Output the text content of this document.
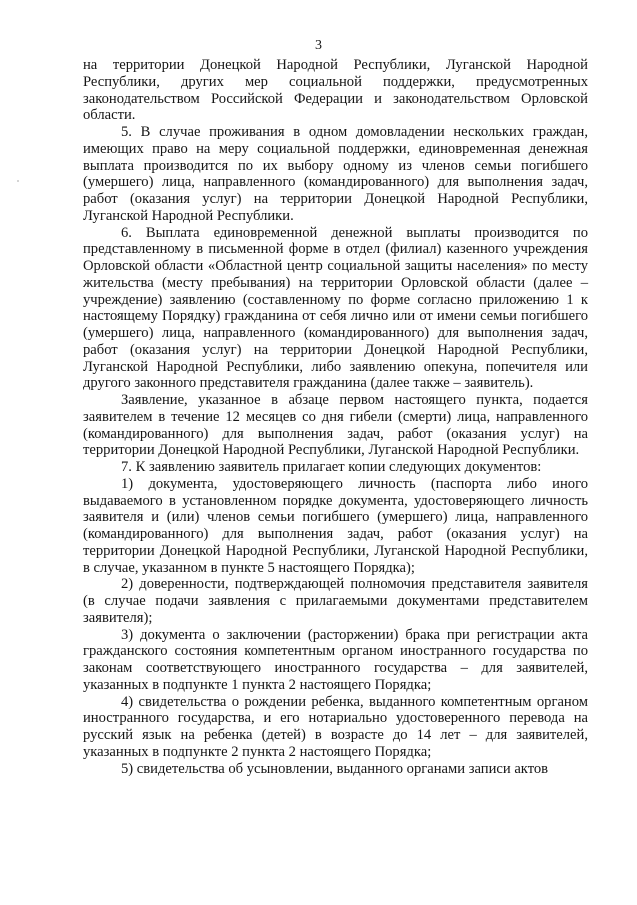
3

на территории Донецкой Народной Республики, Луганской Народной Республики, других мер социальной поддержки, предусмотренных законодательством Российской Федерации и законодательством Орловской области.

5. В случае проживания в одном домовладении нескольких граждан, имеющих право на меру социальной поддержки, единовременная денежная выплата производится по их выбору одному из членов семьи погибшего (умершего) лица, направленного (командированного) для выполнения задач, работ (оказания услуг) на территории Донецкой Народной Республики, Луганской Народной Республики.

6. Выплата единовременной денежной выплаты производится по представленному в письменной форме в отдел (филиал) казенного учреждения Орловской области «Областной центр социальной защиты населения» по месту жительства (месту пребывания) на территории Орловской области (далее – учреждение) заявлению (составленному по форме согласно приложению 1 к настоящему Порядку) гражданина от себя лично или от имени семьи погибшего (умершего) лица, направленного (командированного) для выполнения задач, работ (оказания услуг) на территории Донецкой Народной Республики, Луганской Народной Республики, либо заявлению опекуна, попечителя или другого законного представителя гражданина (далее также – заявитель).

Заявление, указанное в абзаце первом настоящего пункта, подается заявителем в течение 12 месяцев со дня гибели (смерти) лица, направленного (командированного) для выполнения задач, работ (оказания услуг) на территории Донецкой Народной Республики, Луганской Народной Республики.

7. К заявлению заявитель прилагает копии следующих документов:

1) документа, удостоверяющего личность (паспорта либо иного выдаваемого в установленном порядке документа, удостоверяющего личность заявителя и (или) членов семьи погибшего (умершего) лица, направленного (командированного) для выполнения задач, работ (оказания услуг) на территории Донецкой Народной Республики, Луганской Народной Республики, в случае, указанном в пункте 5 настоящего Порядка);

2) доверенности, подтверждающей полномочия представителя заявителя (в случае подачи заявления с прилагаемыми документами представителем заявителя);

3) документа о заключении (расторжении) брака при регистрации акта гражданского состояния компетентным органом иностранного государства по законам соответствующего иностранного государства – для заявителей, указанных в подпункте 1 пункта 2 настоящего Порядка;

4) свидетельства о рождении ребенка, выданного компетентным органом иностранного государства, и его нотариально удостоверенного перевода на русский язык на ребенка (детей) в возрасте до 14 лет – для заявителей, указанных в подпункте 2 пункта 2 настоящего Порядка;

5) свидетельства об усыновлении, выданного органами записи актов
